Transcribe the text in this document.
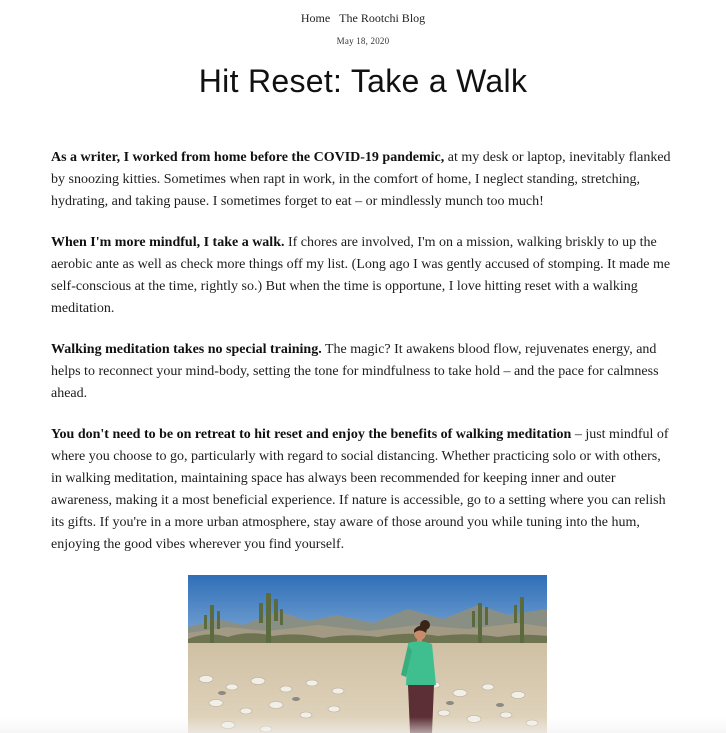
Home The Rootchi Blog
May 18, 2020
Hit Reset: Take a Walk

As a writer, I worked from home before the COVID-19 pandemic, at my desk or laptop, inevitably flanked by snoozing kitties. Sometimes when rapt in work, in the comfort of home, I neglect standing, stretching, hydrating, and taking pause. I sometimes forget to eat – or mindlessly munch too much!

When I'm more mindful, I take a walk. If chores are involved, I'm on a mission, walking briskly to up the aerobic ante as well as check more things off my list. (Long ago I was gently accused of stomping. It made me self-conscious at the time, rightly so.) But when the time is opportune, I love hitting reset with a walking meditation.

Walking meditation takes no special training. The magic? It awakens blood flow, rejuvenates energy, and helps to reconnect your mind-body, setting the tone for mindfulness to take hold – and the pace for calmness ahead.

You don't need to be on retreat to hit reset and enjoy the benefits of walking meditation – just mindful of where you choose to go, particularly with regard to social distancing. Whether practicing solo or with others, in walking meditation, maintaining space has always been recommended for keeping inner and outer awareness, making it a most beneficial experience. If nature is accessible, go to a setting where you can relish its gifts. If you're in a more urban atmosphere, stay aware of those around you while tuning into the hum, enjoying the good vibes wherever you find yourself.
